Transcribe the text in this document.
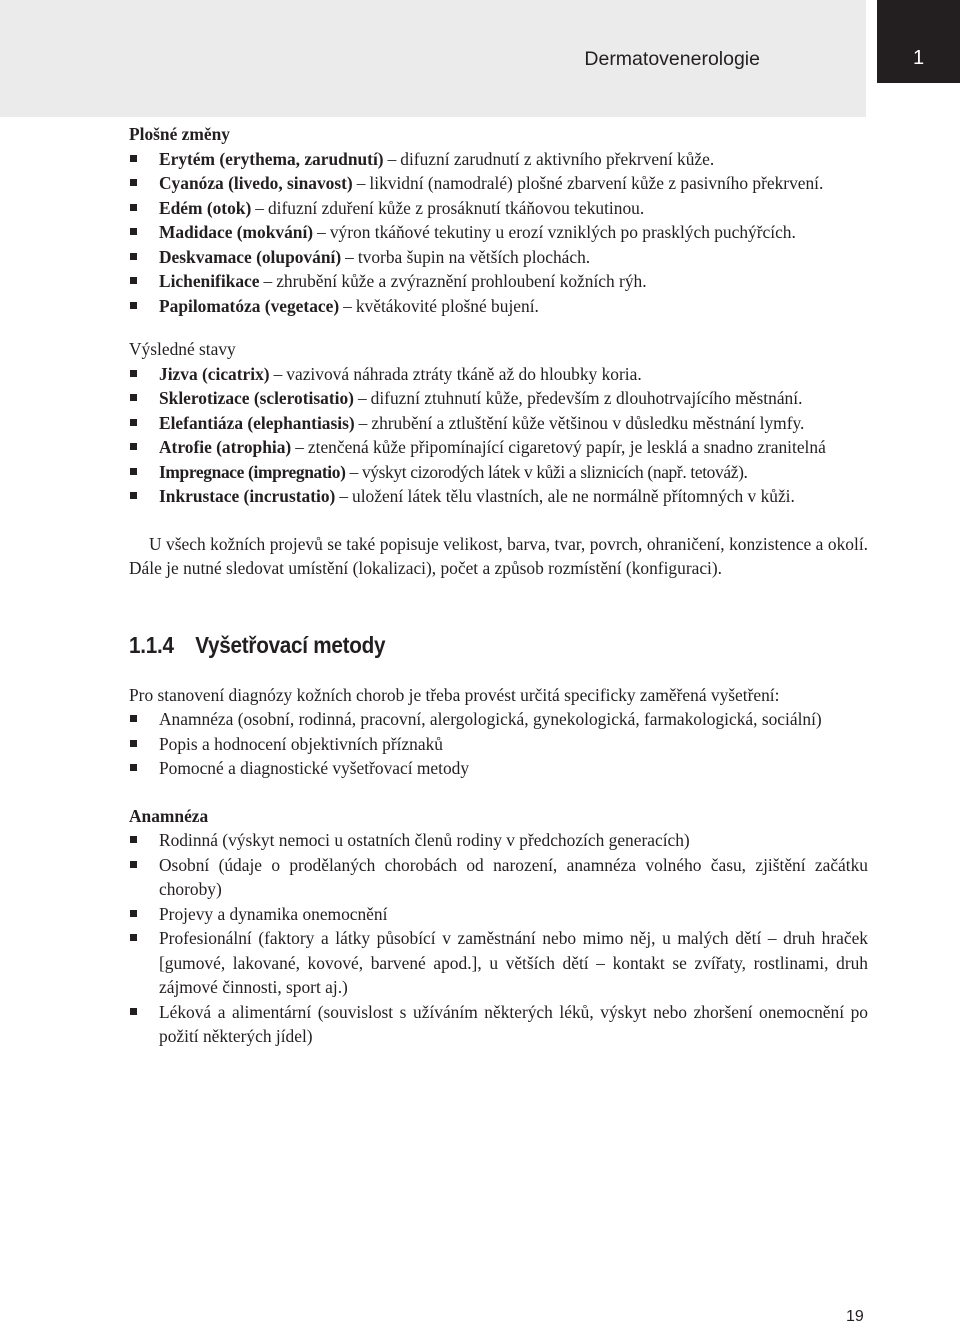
Dermatovenerologie	1
Plošné změny
Erytém (erythema, zarudnutí) – difuzní zarudnutí z aktivního překrvení kůže.
Cyanóza (livedo, sinavost) – likvidní (namodralé) plošné zbarvení kůže z pasivního překrvení.
Edém (otok) – difuzní zduření kůže z prosáknutí tkáňovou tekutinou.
Madidace (mokvání) – výron tkáňové tekutiny u erozí vzniklých po prasklých puchýřcích.
Deskvamace (olupování) – tvorba šupin na větších plochách.
Lichenifikace – zhrubění kůže a zvýraznění prohloubení kožních rýh.
Papilomatóza (vegetace) – květákovité plošné bujení.
Výsledné stavy
Jizva (cicatrix) – vazivová náhrada ztráty tkáně až do hloubky koria.
Sklerotizace (sclerotisatio) – difuzní ztuhnutí kůže, především z dlouhotrvajícího městnání.
Elefantiáza (elephantiasis) – zhrubění a ztluštění kůže většinou v důsledku městnání lymfy.
Atrofie (atrophia) – ztenčená kůže připomínající cigaretový papír, je lesklá a snadno zranitelná
Impregnace (impregnatio) – výskyt cizorodých látek v kůži a sliznicích (např. tetováž).
Inkrustace (incrustatio) – uložení látek tělu vlastních, ale ne normálně přítomných v kůži.

U všech kožních projevů se také popisuje velikost, barva, tvar, povrch, ohraničení, konzistence a okolí. Dále je nutné sledovat umístění (lokalizaci), počet a způsob rozmístění (konfiguraci).

1.1.4 Vyšetřovací metody

Pro stanovení diagnózy kožních chorob je třeba provést určitá specificky zaměřená vyšetření:

Anamnéza (osobní, rodinná, pracovní, alergologická, gynekologická, farmakologická, sociální)
Popis a hodnocení objektivních příznaků
Pomocné a diagnostické vyšetřovací metody
Anamnéza
Rodinná (výskyt nemoci u ostatních členů rodiny v předchozích generacích)
Osobní (údaje o prodělaných chorobách od narození, anamnéza volného času, zjištění začátku choroby)
Projevy a dynamika onemocnění
Profesionální (faktory a látky působící v zaměstnání nebo mimo něj, u malých dětí – druh hraček [gumové, lakované, kovové, barvené apod.], u větších dětí – kontakt se zvířaty, rostlinami, druh zájmové činnosti, sport aj.)
Léková a alimentární (souvislost s užíváním některých léků, výskyt nebo zhoršení onemocnění po požití některých jídel)
19
